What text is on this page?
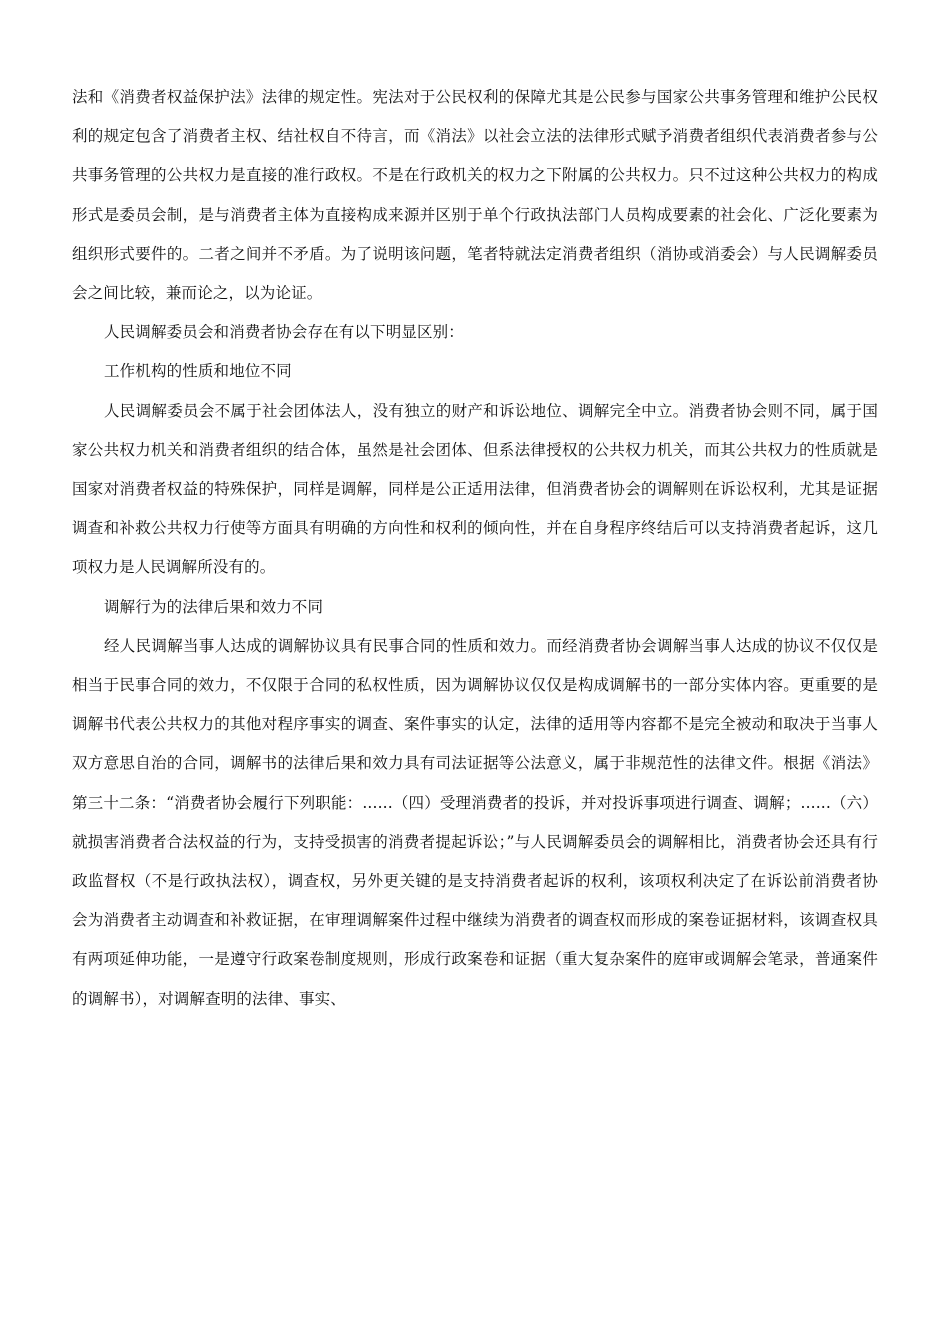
法和《消费者权益保护法》法律的规定性。宪法对于公民权利的保障尤其是公民参与国家公共事务管理和维护公民权利的规定包含了消费者主权、结社权自不待言，而《消法》以社会立法的法律形式赋予消费者组织代表消费者参与公共事务管理的公共权力是直接的准行政权。不是在行政机关的权力之下附属的公共权力。只不过这种公共权力的构成形式是委员会制，是与消费者主体为直接构成来源并区别于单个行政执法部门人员构成要素的社会化、广泛化要素为组织形式要件的。二者之间并不矛盾。为了说明该问题，笔者特就法定消费者组织（消协或消委会）与人民调解委员会之间比较，兼而论之，以为论证。

人民调解委员会和消费者协会存在有以下明显区别：

工作机构的性质和地位不同

人民调解委员会不属于社会团体法人，没有独立的财产和诉讼地位、调解完全中立。消费者协会则不同，属于国家公共权力机关和消费者组织的结合体，虽然是社会团体、但系法律授权的公共权力机关，而其公共权力的性质就是国家对消费者权益的特殊保护，同样是调解，同样是公正适用法律，但消费者协会的调解则在诉讼权利，尤其是证据调查和补救公共权力行使等方面具有明确的方向性和权利的倾向性，并在自身程序终结后可以支持消费者起诉，这几项权力是人民调解所没有的。

调解行为的法律后果和效力不同

经人民调解当事人达成的调解协议具有民事合同的性质和效力。而经消费者协会调解当事人达成的协议不仅仅是相当于民事合同的效力，不仅限于合同的私权性质，因为调解协议仅仅是构成调解书的一部分实体内容。更重要的是调解书代表公共权力的其他对程序事实的调查、案件事实的认定，法律的适用等内容都不是完全被动和取决于当事人双方意思自治的合同，调解书的法律后果和效力具有司法证据等公法意义，属于非规范性的法律文件。根据《消法》第三十二条：“消费者协会履行下列职能：......（四）受理消费者的投诉，并对投诉事项进行调查、调解；......（六）就损害消费者合法权益的行为，支持受损害的消费者提起诉讼；”与人民调解委员会的调解相比，消费者协会还具有行政监督权（不是行政执法权），调查权，另外更关键的是支持消费者起诉的权利，该项权利决定了在诉讼前消费者协会为消费者主动调查和补救证据，在审理调解案件过程中继续为消费者的调查权而形成的案卷证据材料，该调查权具有两项延伸功能，一是遵守行政案卷制度规则，形成行政案卷和证据（重大复杂案件的庭审或调解会笔录，普通案件的调解书），对调解查明的法律、事实、
